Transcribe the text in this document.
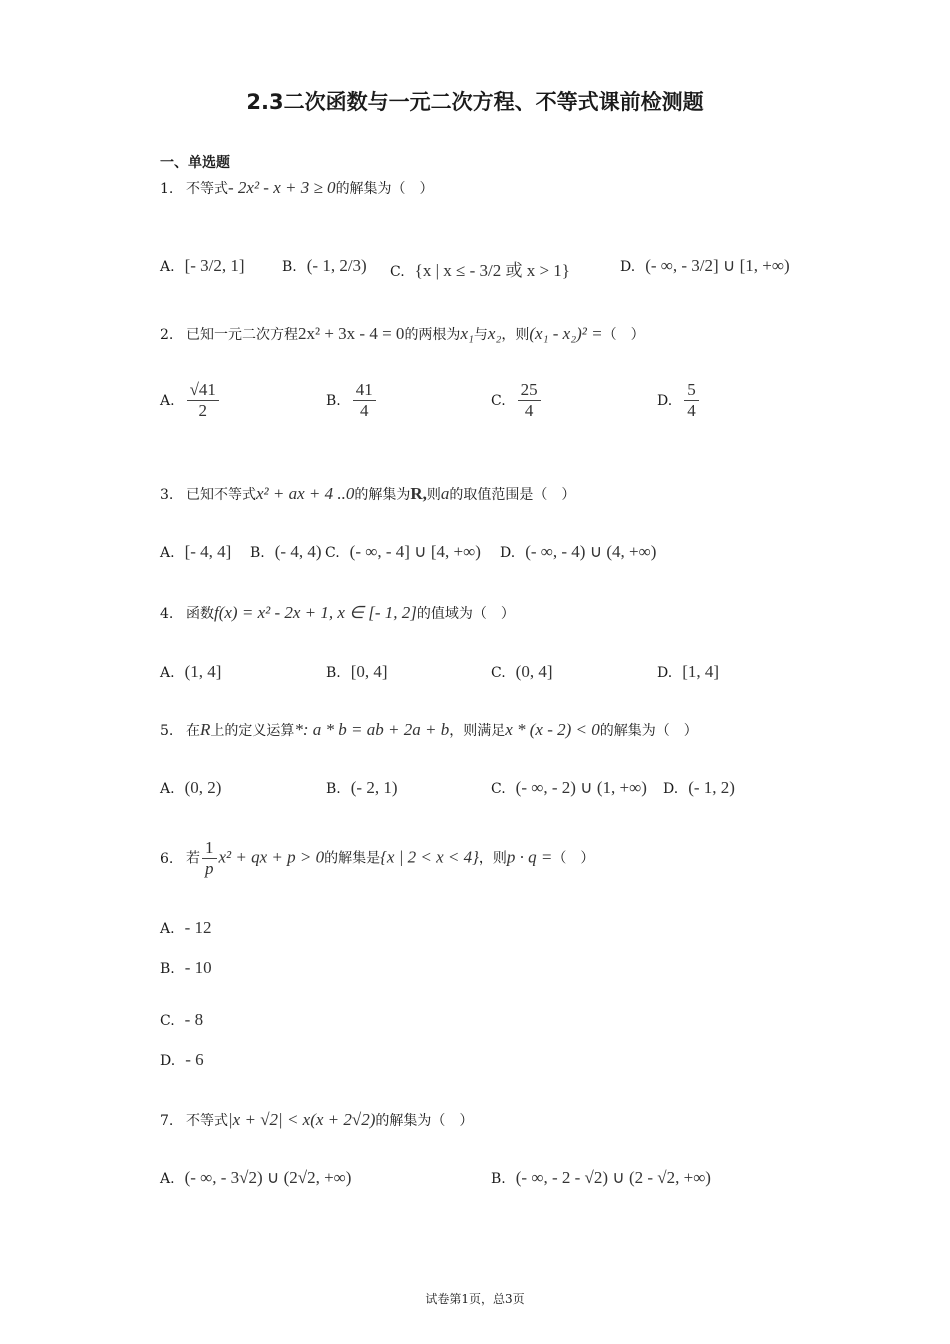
2.3二次函数与一元二次方程、不等式课前检测题
一、单选题
1. 不等式- 2x² - x + 3 ≥ 0的解集为（　）
A. [- 3/2, 1]	B. (- 1, 2/3) C. {x | x ≤ - 3/2 或 x > 1}	D. (- ∞, - 3/2] ∪ [1, +∞)
2. 已知一元二次方程2x² + 3x - 4 = 0的两根为x₁与x₂，则(x₁ - x₂)² =（　）
A. $\frac{√41}{2}$	B. $\frac{41}{4}$	C. $\frac{25}{4}$	D. $\frac{5}{4}$
3. 已知不等式x² + ax + 4 ..0的解集为R,则a的取值范围是（　）
A. [- 4, 4] B. (- 4, 4) C. (- ∞, - 4] ∪ [4, +∞) D. (- ∞, - 4) ∪ (4, +∞)
4. 函数f(x) = x² - 2x + 1, x ∈ [- 1, 2]的值域为（　）
A. (1, 4]	B. [0, 4]	C. (0, 4]	D. [1, 4]
5. 在R上的定义运算*: a * b = ab + 2a + b，则满足x * (x - 2) < 0的解集为（　）
A. (0, 2)	B. (- 2, 1)	C. (- ∞, - 2) ∪ (1, +∞) D. (- 1, 2)
6. 若 $\frac{1}{p} x^2$ + qx + p > 0的解集是{x | 2 < x < 4}，则p · q =（　）
A. - 12
B. - 10
C. - 8
D. - 6
7. 不等式|x + √2| < x(x + 2√2)的解集为（　）
A. (- ∞, - 3√2) ∪ (2√2, +∞)	B. (- ∞, - 2 - √2) ∪ (2 - √2, +∞)
试卷第1页，总3页
